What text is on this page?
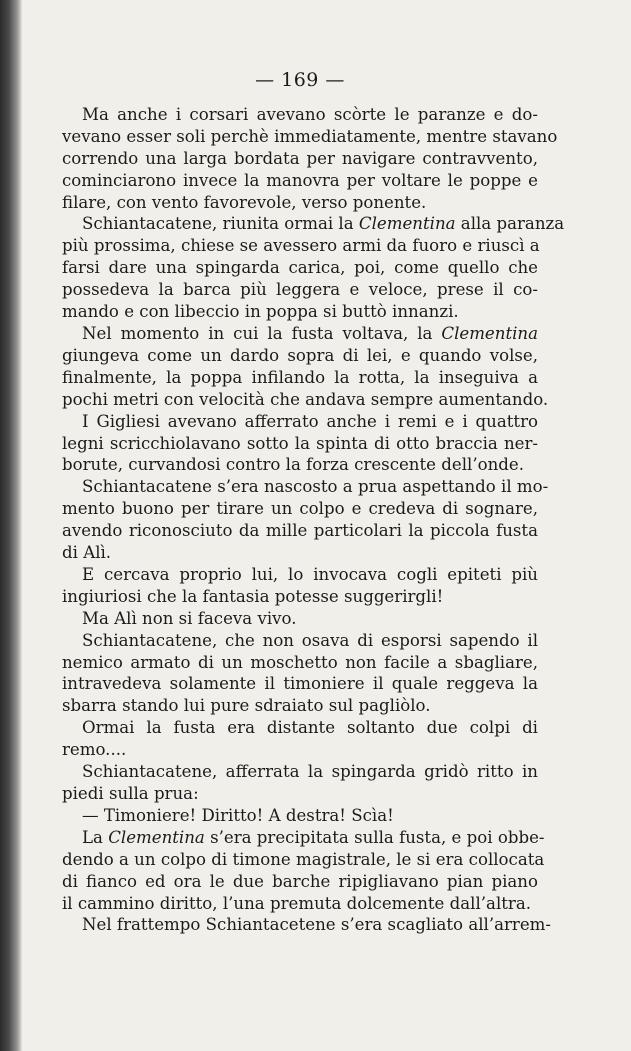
— 169 —
Ma anche i corsari avevano scòrte le paranze e do-
vevano esser soli perchè immediatamente, mentre stavano
correndo una larga bordata per navigare contravvento,
cominciarono invece la manovra per voltare le poppe e
filare, con vento favorevole, verso ponente.
Schiantacatene, riunita ormai la Clementina alla paranza
più prossima, chiese se avessero armi da fuoro e riuscì a
farsi dare una spingarda carica, poi, come quello che
possedeva la barca più leggera e veloce, prese il co-
mando e con libeccio in poppa si buttò innanzi.
Nel momento in cui la fusta voltava, la Clementina
giungeva come un dardo sopra di lei, e quando volse,
finalmente, la poppa infilando la rotta, la inseguiva a
pochi metri con velocità che andava sempre aumentando.
I Gigliesi avevano afferrato anche i remi e i quattro
legni scricchiolavano sotto la spinta di otto braccia ner-
borute, curvandosi contro la forza crescente dell’onde.
Schiantacatene s’era nascosto a prua aspettando il mo-
mento buono per tirare un colpo e credeva di sognare,
avendo riconosciuto da mille particolari la piccola fusta
di Alì.
E cercava proprio lui, lo invocava cogli epiteti più
ingiuriosi che la fantasia potesse suggerirgli!
Ma Alì non si faceva vivo.
Schiantacatene, che non osava di esporsi sapendo il
nemico armato di un moschetto non facile a sbagliare,
intravedeva solamente il timoniere il quale reggeva la
sbarra stando lui pure sdraiato sul pagliòlo.
Ormai la fusta era distante soltanto due colpi di
remo....
Schiantacatene, afferrata la spingarda gridò ritto in
piedi sulla prua:
— Timoniere! Diritto! A destra! Scìa!
La Clementina s’era precipitata sulla fusta, e poi obbe-
dendo a un colpo di timone magistrale, le si era collocata
di fianco ed ora le due barche ripigliavano pian piano
il cammino diritto, l’una premuta dolcemente dall’altra.
Nel frattempo Schiantacetene s’era scagliato all’arrem-
